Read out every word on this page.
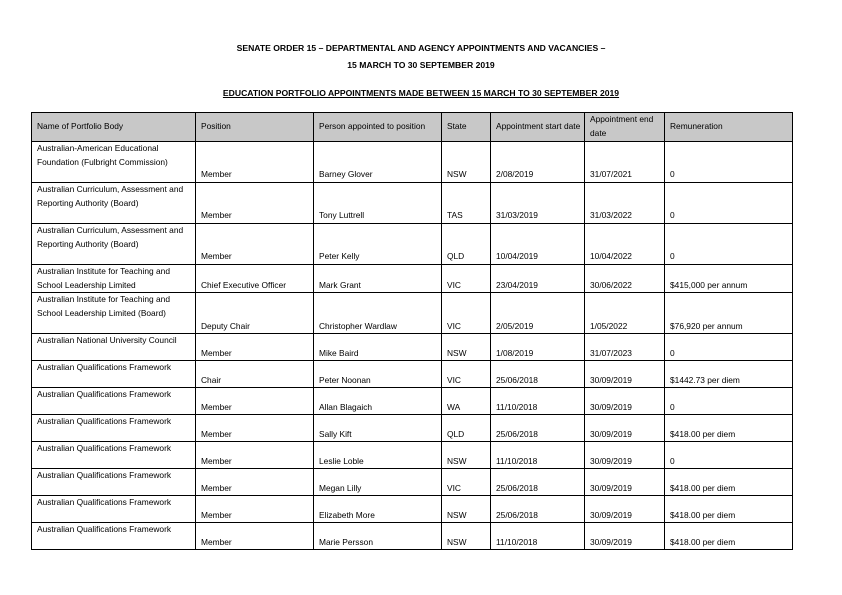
SENATE ORDER 15 – DEPARTMENTAL AND AGENCY APPOINTMENTS AND VACANCIES –
15 MARCH TO 30 SEPTEMBER 2019
EDUCATION PORTFOLIO APPOINTMENTS MADE BETWEEN 15 MARCH TO 30 SEPTEMBER 2019
Name of Portfolio Body	Position	Person appointed to position	State	Appointment start date	Appointment end date	Remuneration
Australian-American Educational Foundation (Fulbright Commission)	Member	Barney Glover	NSW	2/08/2019	31/07/2021	0
Australian Curriculum, Assessment and Reporting Authority (Board)	Member	Tony Luttrell	TAS	31/03/2019	31/03/2022	0
Australian Curriculum, Assessment and Reporting Authority (Board)	Member	Peter Kelly	QLD	10/04/2019	10/04/2022	0
Australian Institute for Teaching and School Leadership Limited	Chief Executive Officer	Mark Grant	VIC	23/04/2019	30/06/2022	$415,000 per annum
Australian Institute for Teaching and School Leadership Limited (Board)	Deputy Chair	Christopher Wardlaw	VIC	2/05/2019	1/05/2022	$76,920 per annum
Australian National University Council	Member	Mike Baird	NSW	1/08/2019	31/07/2023	0
Australian Qualifications Framework	Chair	Peter Noonan	VIC	25/06/2018	30/09/2019	$1442.73 per diem
Australian Qualifications Framework	Member	Allan Blagaich	WA	11/10/2018	30/09/2019	0
Australian Qualifications Framework	Member	Sally Kift	QLD	25/06/2018	30/09/2019	$418.00 per diem
Australian Qualifications Framework	Member	Leslie Loble	NSW	11/10/2018	30/09/2019	0
Australian Qualifications Framework	Member	Megan Lilly	VIC	25/06/2018	30/09/2019	$418.00 per diem
Australian Qualifications Framework	Member	Elizabeth More	NSW	25/06/2018	30/09/2019	$418.00 per diem
Australian Qualifications Framework	Member	Marie Persson	NSW	11/10/2018	30/09/2019	$418.00 per diem
